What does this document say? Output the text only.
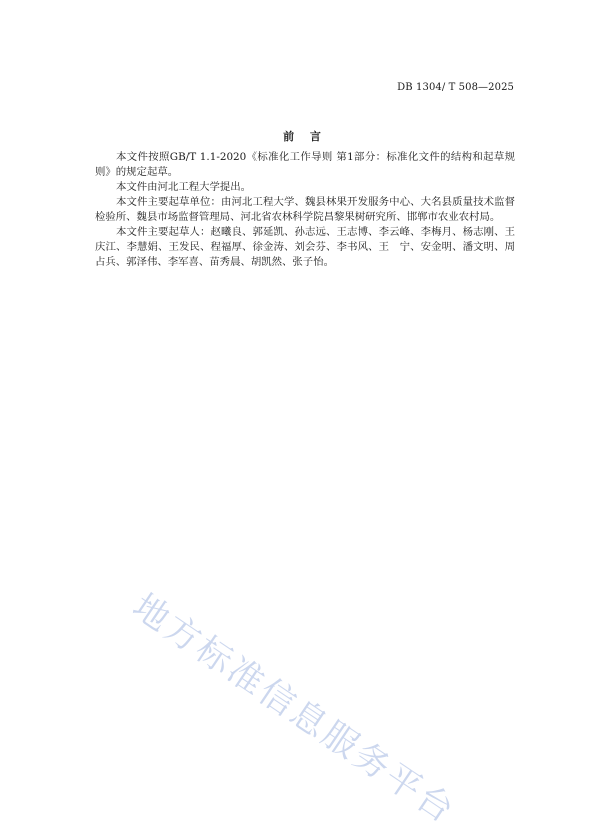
DB 1304/ T 508—2025
前 言

本文件按照GB/T 1.1-2020《标准化工作导则 第1部分：标准化文件的结构和起草规则》的规定起草。

本文件由河北工程大学提出。

本文件主要起草单位：由河北工程大学、魏县林果开发服务中心、大名县质量技术监督检验所、魏县市场监督管理局、河北省农林科学院昌黎果树研究所、邯郸市农业农村局。

本文件主要起草人：赵曦良、郭延凯、孙志远、王志博、李云峰、李梅月、杨志刚、王庆江、李慧娟、王发民、程福厚、徐金涛、刘会芬、李书风、王　宁、安金明、潘文明、周占兵、郭泽伟、李军喜、苗秀晨、胡凯然、张子怡。

地方标准信息服务平台
